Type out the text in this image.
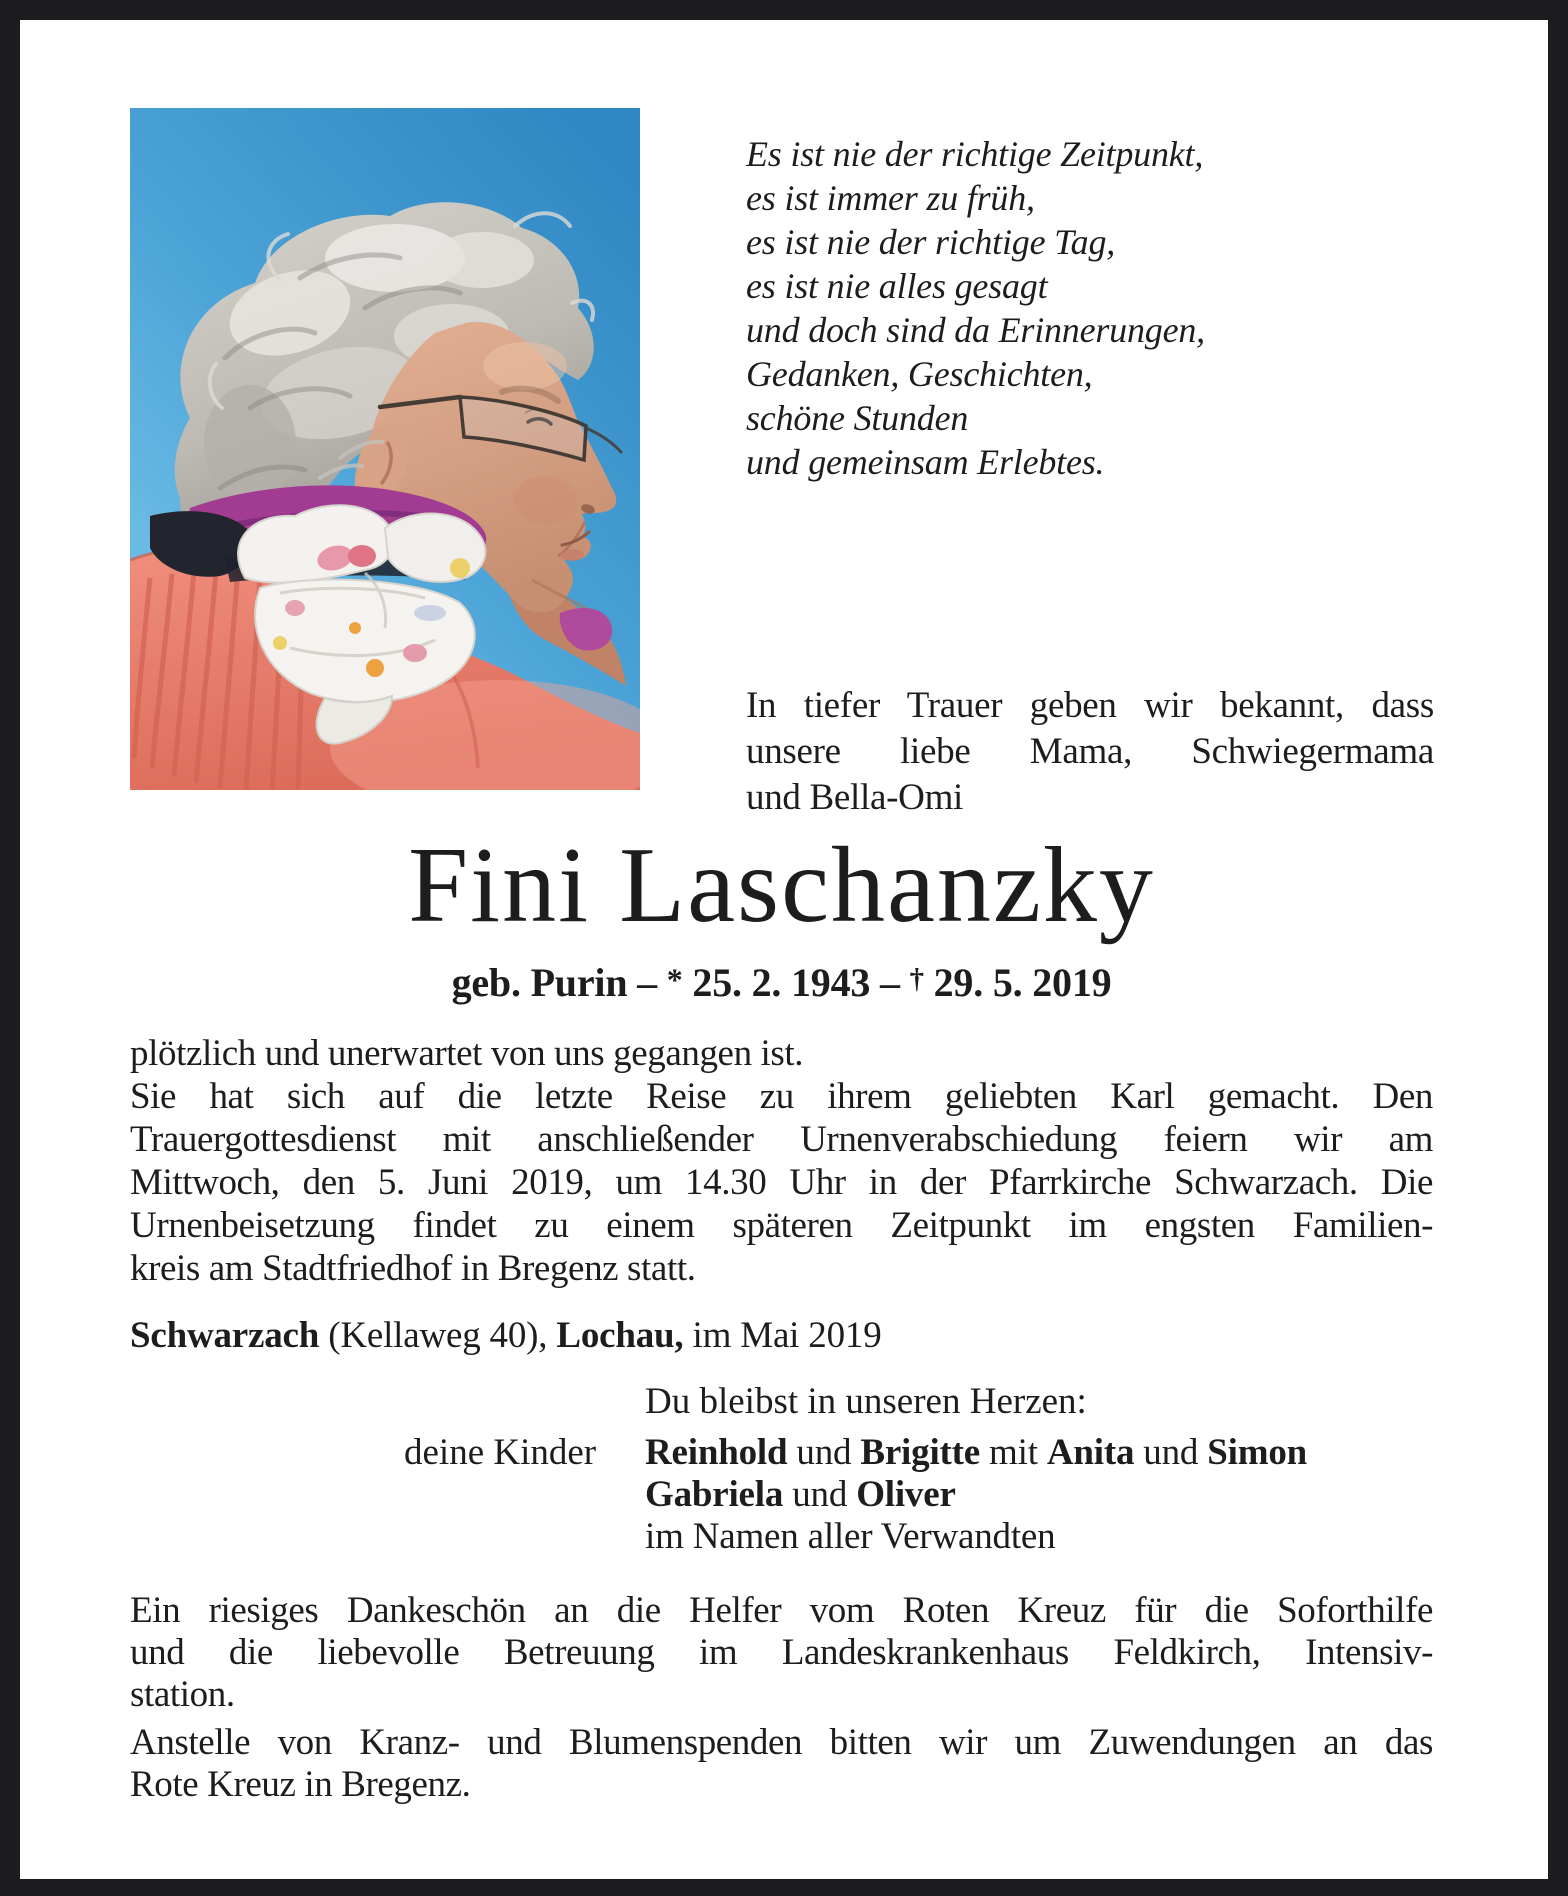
Es ist nie der richtige Zeitpunkt,
es ist immer zu früh,
es ist nie der richtige Tag,
es ist nie alles gesagt
und doch sind da Erinnerungen,
Gedanken, Geschichten,
schöne Stunden
und gemeinsam Erlebtes.
In tiefer Trauer geben wir bekannt, dass
unsere liebe Mama, Schwiegermama
und Bella-Omi
Fini Laschanzky
geb. Purin – * 25. 2. 1943 – † 29. 5. 2019
plötzlich und unerwartet von uns gegangen ist.
Sie hat sich auf die letzte Reise zu ihrem geliebten Karl gemacht. Den
Trauergottesdienst mit anschließender Urnenverabschiedung feiern wir am
Mittwoch, den 5. Juni 2019, um 14.30 Uhr in der Pfarrkirche Schwarzach. Die
Urnenbeisetzung findet zu einem späteren Zeitpunkt im engsten Familien-
kreis am Stadtfriedhof in Bregenz statt.
Schwarzach (Kellaweg 40), Lochau, im Mai 2019
Du bleibst in unseren Herzen:
deine Kinder Reinhold und Brigitte mit Anita und Simon
Gabriela und Oliver
im Namen aller Verwandten
Ein riesiges Dankeschön an die Helfer vom Roten Kreuz für die Soforthilfe
und die liebevolle Betreuung im Landeskrankenhaus Feldkirch, Intensiv-
station.
Anstelle von Kranz- und Blumenspenden bitten wir um Zuwendungen an das
Rote Kreuz in Bregenz.
